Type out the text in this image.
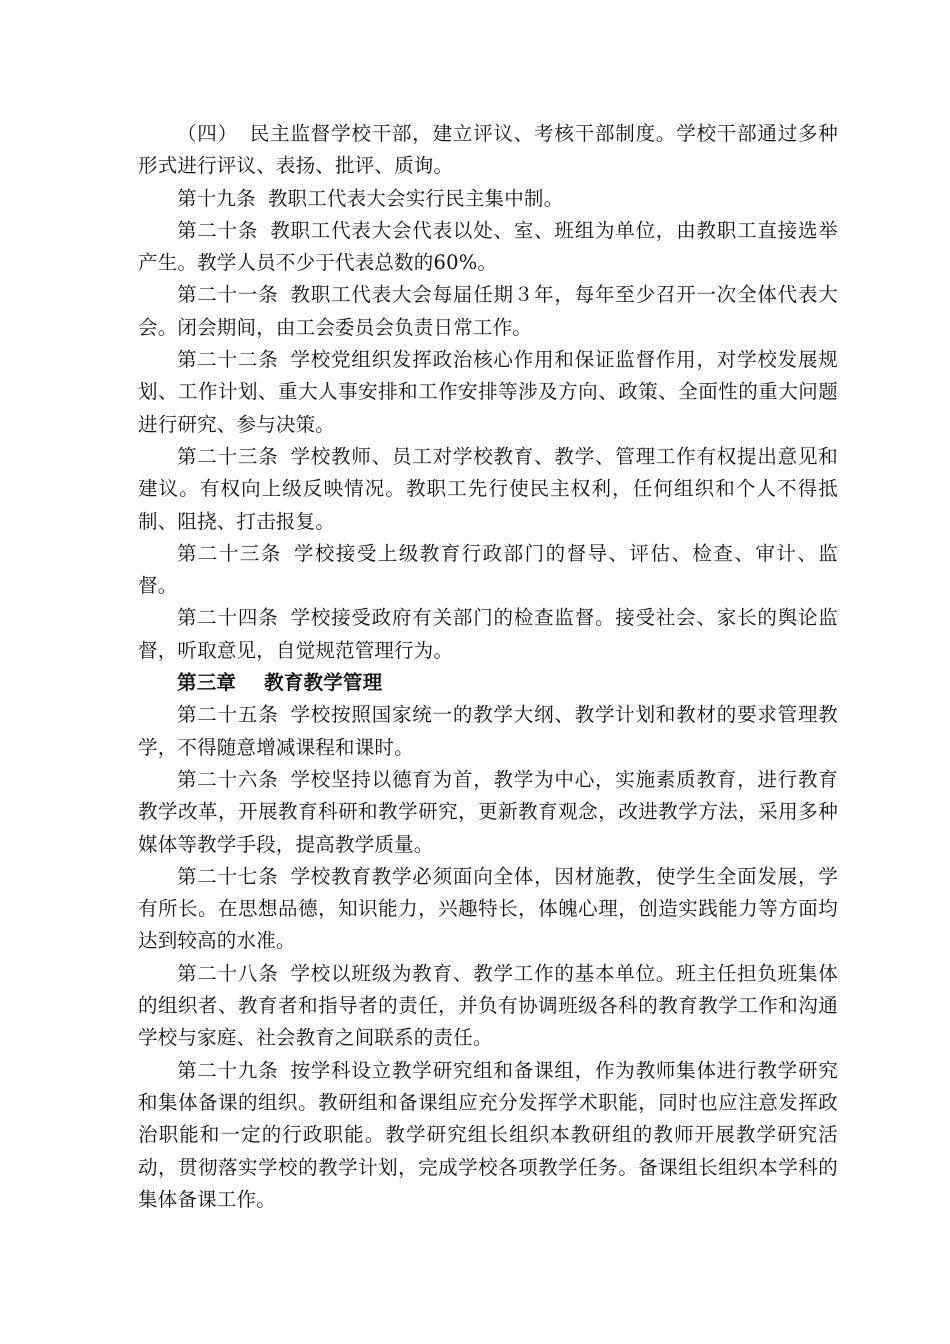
（四） 民主监督学校干部，建立评议、考核干部制度。学校干部通过多种形式进行评议、表扬、批评、质询。

第十九条 教职工代表大会实行民主集中制。

第二十条 教职工代表大会代表以处、室、班组为单位，由教职工直接选举产生。教学人员不少于代表总数的60%。

第二十一条 教职工代表大会每届任期３年，每年至少召开一次全体代表大会。闭会期间，由工会委员会负责日常工作。

第二十二条 学校党组织发挥政治核心作用和保证监督作用，对学校发展规划、工作计划、重大人事安排和工作安排等涉及方向、政策、全面性的重大问题进行研究、参与决策。

第二十三条 学校教师、员工对学校教育、教学、管理工作有权提出意见和建议。有权向上级反映情况。教职工先行使民主权利，任何组织和个人不得抵制、阻挠、打击报复。

第二十三条 学校接受上级教育行政部门的督导、评估、检查、审计、监督。

第二十四条 学校接受政府有关部门的检查监督。接受社会、家长的舆论监督，听取意见，自觉规范管理行为。

第三章 教育教学管理

第二十五条 学校按照国家统一的教学大纲、教学计划和教材的要求管理教学，不得随意增减课程和课时。

第二十六条 学校坚持以德育为首，教学为中心，实施素质教育，进行教育教学改革，开展教育科研和教学研究，更新教育观念，改进教学方法，采用多种媒体等教学手段，提高教学质量。

第二十七条 学校教育教学必须面向全体，因材施教，使学生全面发展，学有所长。在思想品德，知识能力，兴趣特长，体魄心理，创造实践能力等方面均达到较高的水准。

第二十八条 学校以班级为教育、教学工作的基本单位。班主任担负班集体的组织者、教育者和指导者的责任，并负有协调班级各科的教育教学工作和沟通学校与家庭、社会教育之间联系的责任。

第二十九条 按学科设立教学研究组和备课组，作为教师集体进行教学研究和集体备课的组织。教研组和备课组应充分发挥学术职能，同时也应注意发挥政治职能和一定的行政职能。教学研究组长组织本教研组的教师开展教学研究活动，贯彻落实学校的教学计划，完成学校各项教学任务。备课组长组织本学科的集体备课工作。
